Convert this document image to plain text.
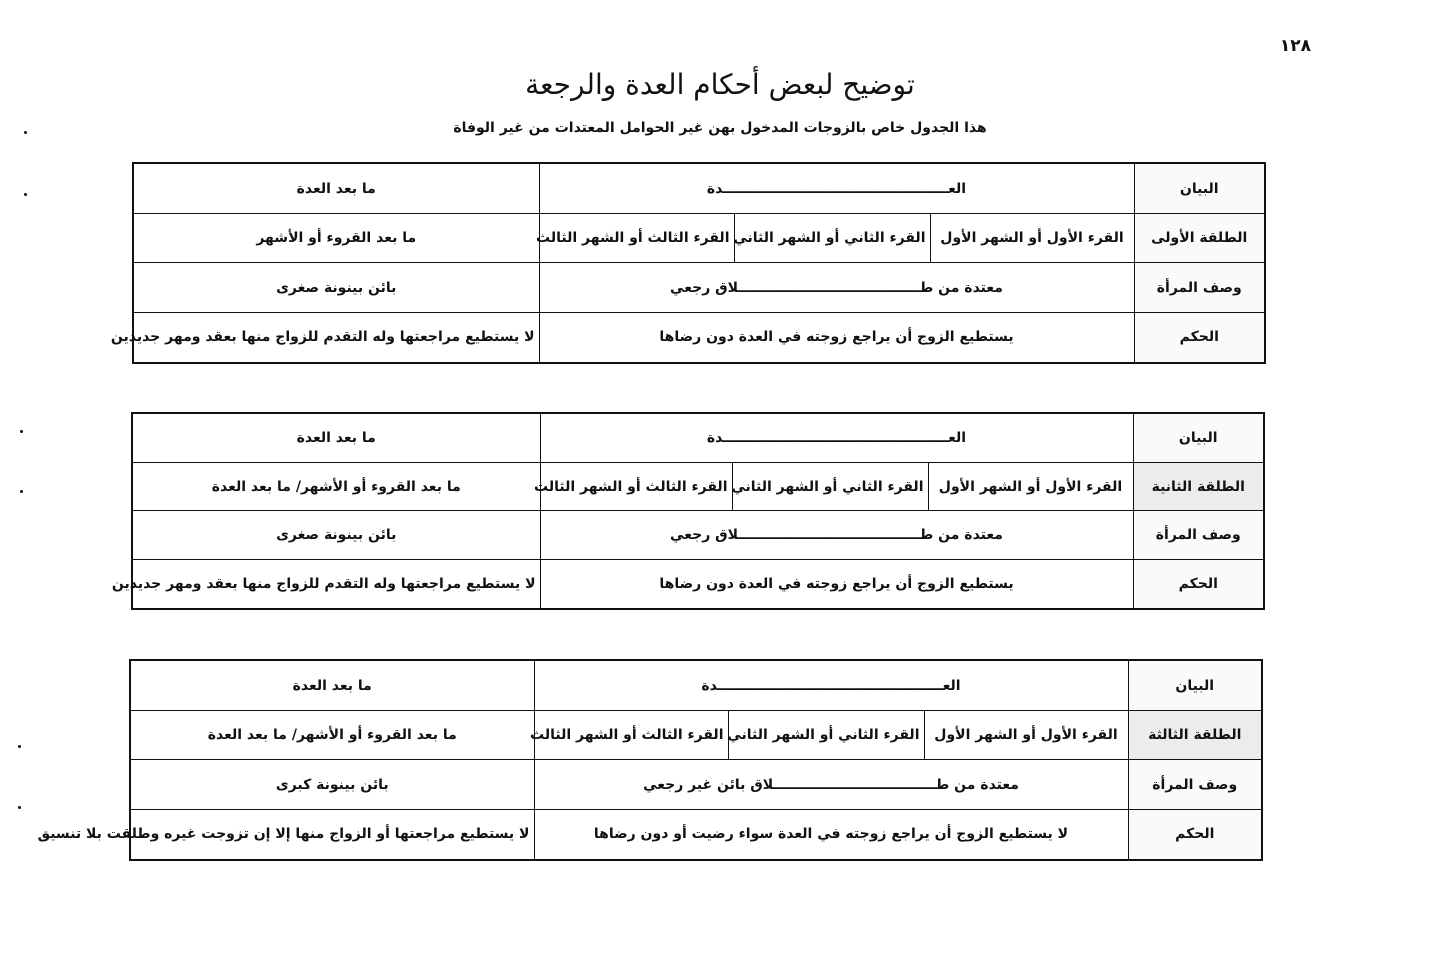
١٢٨
توضيح لبعض أحكام العدة والرجعة
هذا الجدول خاص بالزوجات المدخول بهن غير الحوامل المعتدات من غير الوفاة
البيان	العـــــــــــــــــــــــــــــــــــــــــــــــدة			ما بعد العدة
الطلقة الأولى	القرء الأول أو الشهر الأول	القرء الثاني أو الشهر الثاني	القرء الثالث أو الشهر الثالث	ما بعد القروء أو الأشهر
وصف المرأة	معتدة من طــــــــــــــــــــــــــــــــــــــلاق رجعي			بائن بينونة صغرى
الحكم	يستطيع الزوج أن يراجع زوجته في العدة دون رضاها			لا يستطيع مراجعتها وله التقدم للزواج منها بعقد ومهر جديدين
البيان	العـــــــــــــــــــــــــــــــــــــــــــــــدة			ما بعد العدة
الطلقة الثانية	القرء الأول أو الشهر الأول	القرء الثاني أو الشهر الثاني	القرء الثالث أو الشهر الثالث	ما بعد القروء أو الأشهر/ ما بعد العدة
وصف المرأة	معتدة من طــــــــــــــــــــــــــــــــــــــلاق رجعي			بائن بينونة صغرى
الحكم	يستطيع الزوج أن يراجع زوجته في العدة دون رضاها			لا يستطيع مراجعتها وله التقدم للزواج منها بعقد ومهر جديدين
البيان	العـــــــــــــــــــــــــــــــــــــــــــــــدة			ما بعد العدة
الطلقة الثالثة	القرء الأول أو الشهر الأول	القرء الثاني أو الشهر الثاني	القرء الثالث أو الشهر الثالث	ما بعد القروء أو الأشهر/ ما بعد العدة
وصف المرأة	معتدة من طــــــــــــــــــــــــــــــــــلاق بائن غير رجعي			بائن بينونة كبرى
الحكم	لا يستطيع الزوج أن يراجع زوجته في العدة سواء رضيت أو دون رضاها			لا يستطيع مراجعتها أو الزواج منها إلا إن تزوجت غيره وطلقت بلا تنسيق
